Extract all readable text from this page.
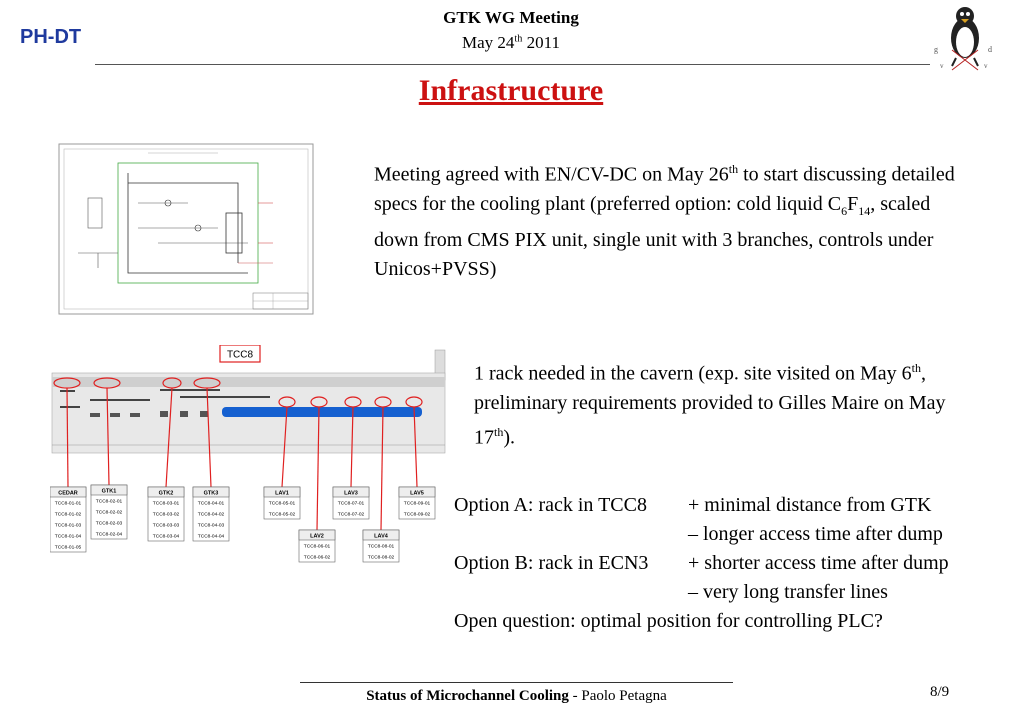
PH-DT
GTK WG Meeting
May 24th 2011	g	d
v	v
Infrastructure
TCC8
CEDAR
TCC8-01-01
TCC8-01-02
TCC8-01-03
TCC8-01-04
TCC8-01-05
GTK1
TCC8-02-01
TCC8-02-02
TCC8-02-03
TCC8-02-04
GTK2
TCC8-03-01
TCC8-03-02
TCC8-03-03
TCC8-03-04
GTK3
TCC8-04-01
TCC8-04-02
TCC8-04-03
TCC8-04-04
LAV1
TCC8-05-01
TCC8-05-02
LAV2
TCC8-06-01
TCC8-06-02
LAV3
TCC8-07-01
TCC8-07-02
LAV4
TCC8-08-01
TCC8-08-02
LAV5
TCC8-09-01
TCC8-09-02
Meeting agreed with EN/CV-DC on May 26th to start discussing detailed specs for the cooling plant (preferred option: cold liquid $C_6F_{14}$, scaled down from CMS PIX unit, single unit with 3 branches, controls under Unicos+PVSS)
1 rack needed in the cavern (exp. site visited on May 6th, preliminary requirements provided to Gilles Maire on May 17th).
Option A: rack in TCC8 + minimal distance from GTK
– longer access time after dump
Option B: rack in ECN3 + shorter access time after dump
– very long transfer lines
Open question: optimal position for controlling PLC?
Status of Microchannel Cooling - Paolo Petagna	8/9
